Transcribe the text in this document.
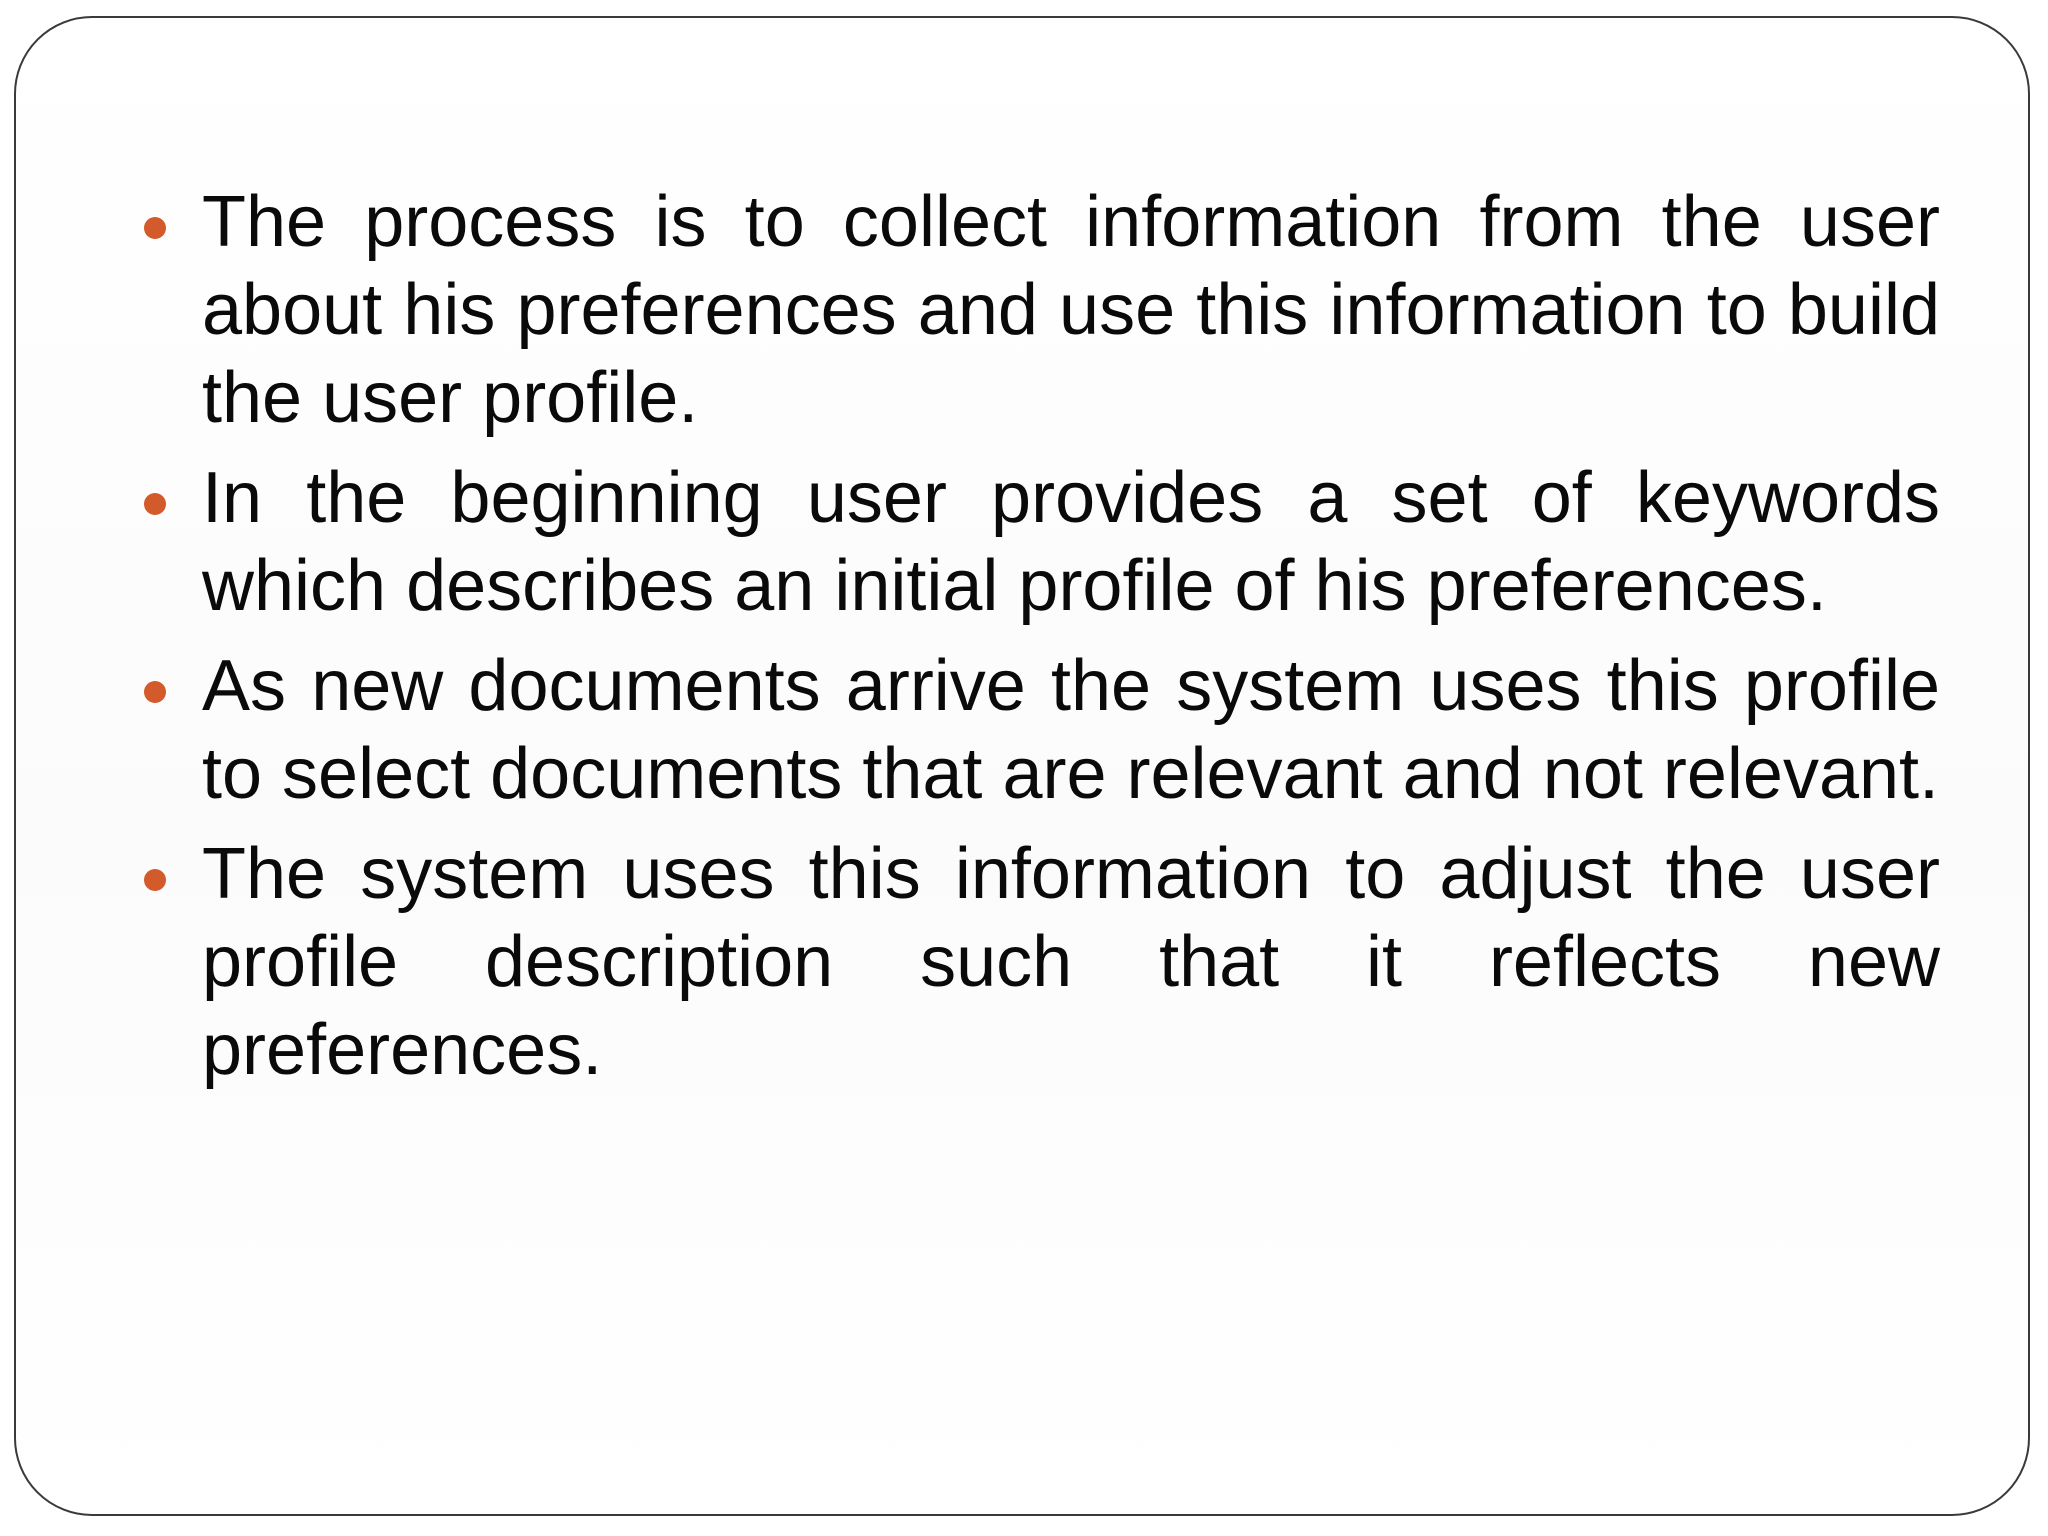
The process is to collect information from the user about his preferences and use this information to build the user profile.
In the beginning user provides a set of keywords which describes an initial profile of his preferences.
As new documents arrive the system uses this profile to select documents that are relevant and not relevant.
The system uses this information to adjust the user profile description such that it reflects new preferences.
